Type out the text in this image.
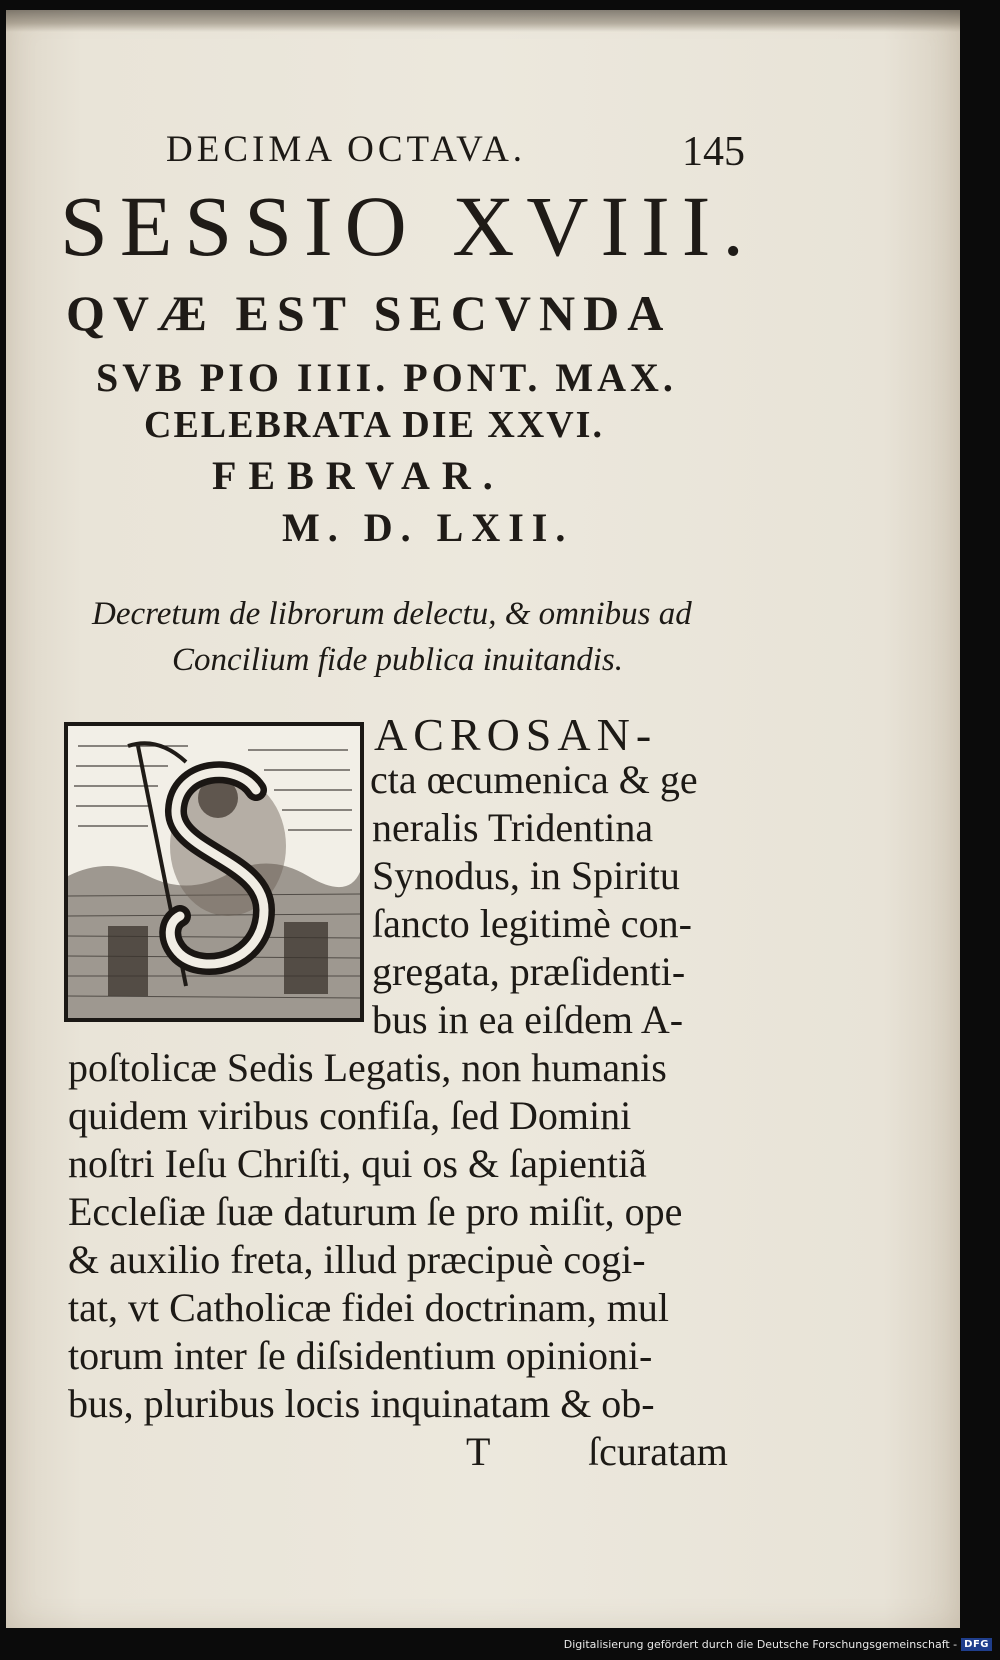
DECIMA OCTAVA.	145
SESSIO XVIII.
QVÆ EST SECVNDA
SVB PIO IIII. PONT. MAX.
CELEBRATA DIE XXVI.
FEBRVAR.
M. D. LXII.
Decretum de librorum delectu, & omnibus ad
Concilium fide publica inuitandis.
ACROSAN-
cta œcumenica & ge
neralis Tridentina
Synodus, in Spiritu
ſancto legitimè con-
gregata, præſidenti-
bus in ea eiſdem A-
poſtolicæ Sedis Legatis, non humanis
quidem viribus confiſa, ſed Domini
noſtri Ieſu Chriſti, qui os & ſapientiã
Eccleſiæ ſuæ daturum ſe pro miſit, ope
& auxilio freta, illud præcipuè cogi-
tat, vt Catholicæ fidei doctrinam, mul
torum inter ſe diſsidentium opinioni-
bus, pluribus locis inquinatam & ob-
T ſcuratam
Digitalisierung gefördert durch die Deutsche Forschungsgemeinschaft - DFG
